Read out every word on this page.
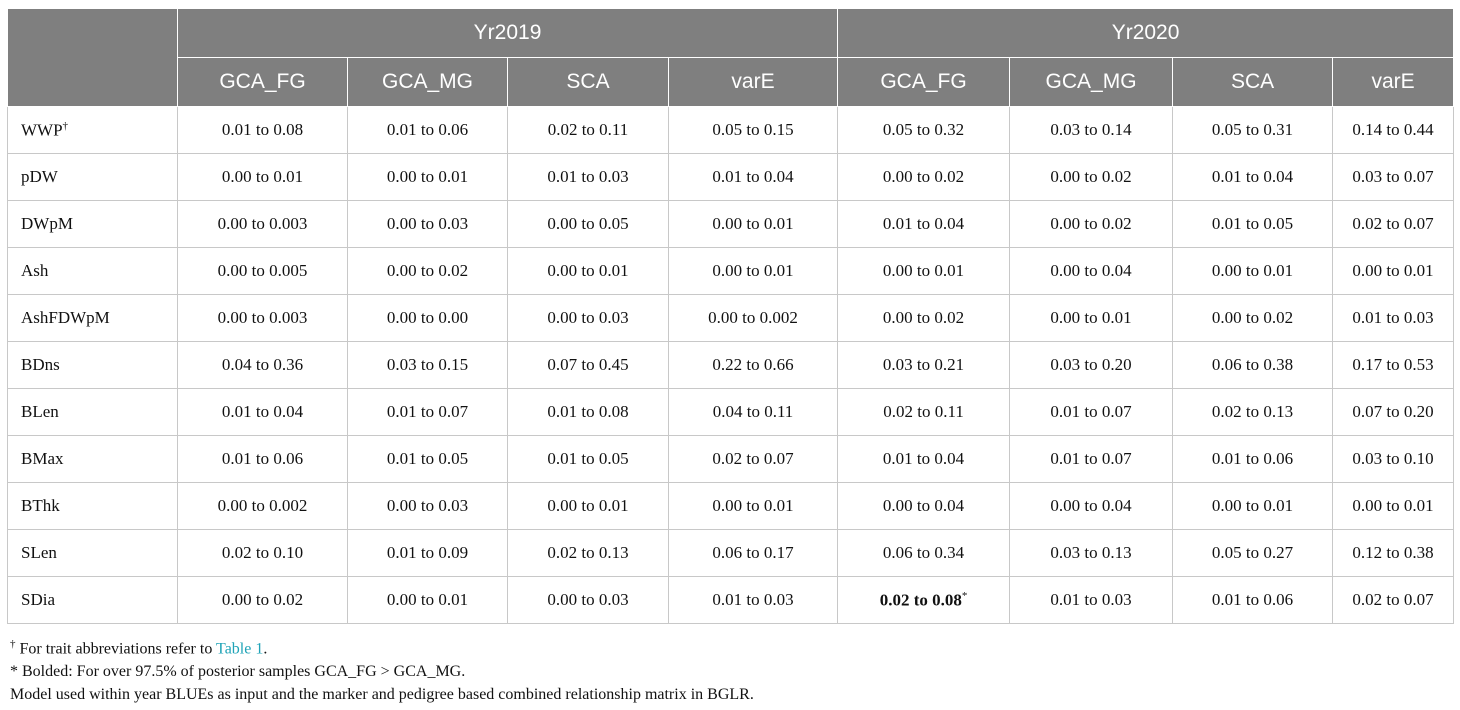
	Yr2019				Yr2020			
	GCA_FG	GCA_MG	SCA	varE	GCA_FG	GCA_MG	SCA	varE
WWP†	0.01 to 0.08	0.01 to 0.06	0.02 to 0.11	0.05 to 0.15	0.05 to 0.32	0.03 to 0.14	0.05 to 0.31	0.14 to 0.44
pDW	0.00 to 0.01	0.00 to 0.01	0.01 to 0.03	0.01 to 0.04	0.00 to 0.02	0.00 to 0.02	0.01 to 0.04	0.03 to 0.07
DWpM	0.00 to 0.003	0.00 to 0.03	0.00 to 0.05	0.00 to 0.01	0.01 to 0.04	0.00 to 0.02	0.01 to 0.05	0.02 to 0.07
Ash	0.00 to 0.005	0.00 to 0.02	0.00 to 0.01	0.00 to 0.01	0.00 to 0.01	0.00 to 0.04	0.00 to 0.01	0.00 to 0.01
AshFDWpM	0.00 to 0.003	0.00 to 0.00	0.00 to 0.03	0.00 to 0.002	0.00 to 0.02	0.00 to 0.01	0.00 to 0.02	0.01 to 0.03
BDns	0.04 to 0.36	0.03 to 0.15	0.07 to 0.45	0.22 to 0.66	0.03 to 0.21	0.03 to 0.20	0.06 to 0.38	0.17 to 0.53
BLen	0.01 to 0.04	0.01 to 0.07	0.01 to 0.08	0.04 to 0.11	0.02 to 0.11	0.01 to 0.07	0.02 to 0.13	0.07 to 0.20
BMax	0.01 to 0.06	0.01 to 0.05	0.01 to 0.05	0.02 to 0.07	0.01 to 0.04	0.01 to 0.07	0.01 to 0.06	0.03 to 0.10
BThk	0.00 to 0.002	0.00 to 0.03	0.00 to 0.01	0.00 to 0.01	0.00 to 0.04	0.00 to 0.04	0.00 to 0.01	0.00 to 0.01
SLen	0.02 to 0.10	0.01 to 0.09	0.02 to 0.13	0.06 to 0.17	0.06 to 0.34	0.03 to 0.13	0.05 to 0.27	0.12 to 0.38
SDia	0.00 to 0.02	0.00 to 0.01	0.00 to 0.03	0.01 to 0.03	0.02 to 0.08*	0.01 to 0.03	0.01 to 0.06	0.02 to 0.07
† For trait abbreviations refer to Table 1.
* Bolded: For over 97.5% of posterior samples GCA_FG > GCA_MG.
Model used within year BLUEs as input and the marker and pedigree based combined relationship matrix in BGLR.
